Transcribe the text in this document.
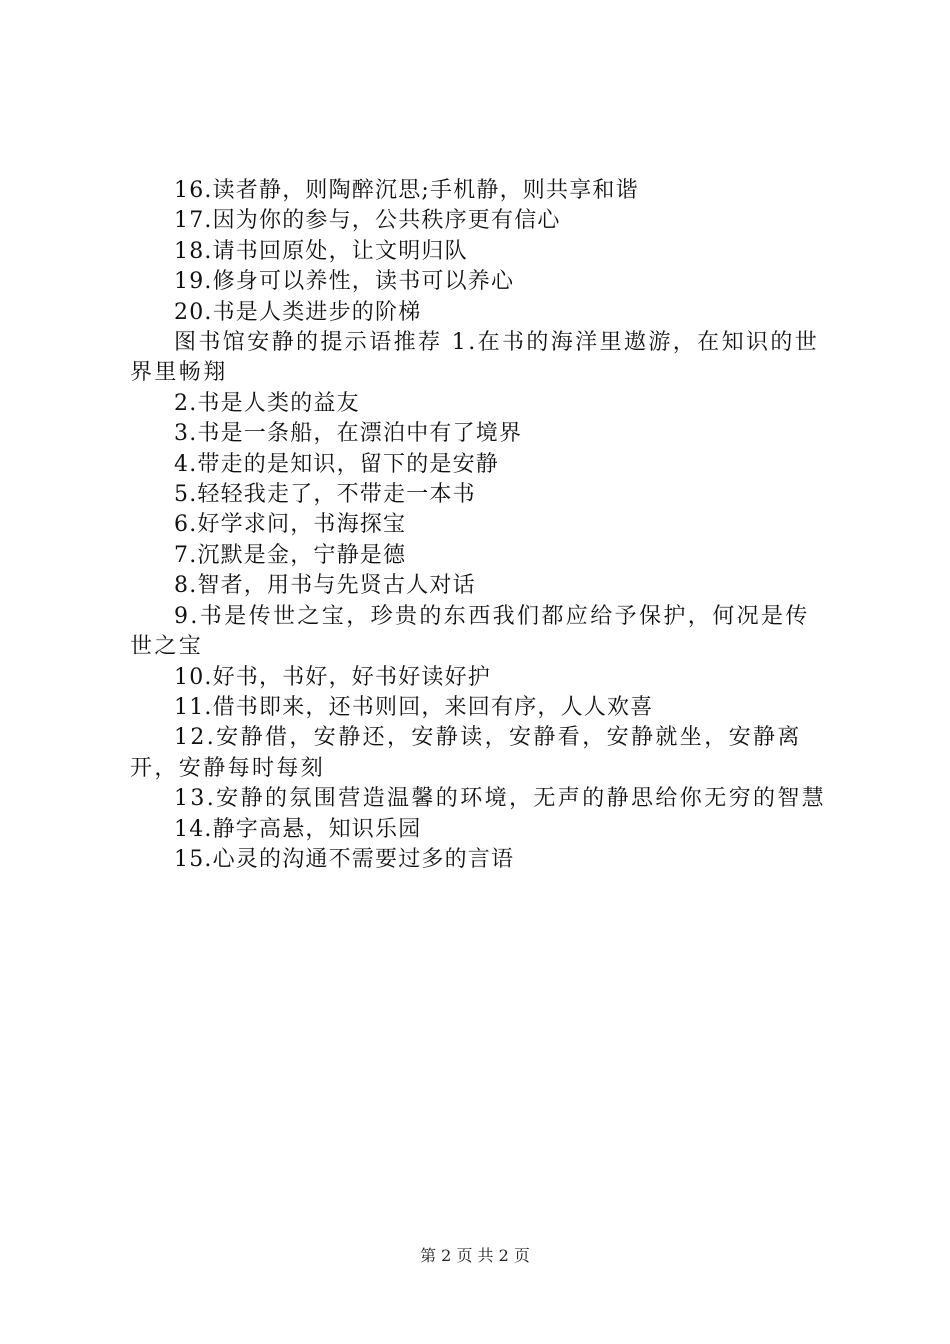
16.读者静，则陶醉沉思;手机静，则共享和谐

17.因为你的参与，公共秩序更有信心

18.请书回原处，让文明归队

19.修身可以养性，读书可以养心

20.书是人类进步的阶梯

图书馆安静的提示语推荐 1.在书的海洋里遨游，在知识的世界里畅翔

2.书是人类的益友

3.书是一条船，在漂泊中有了境界

4.带走的是知识，留下的是安静

5.轻轻我走了，不带走一本书

6.好学求问，书海探宝

7.沉默是金，宁静是德

8.智者，用书与先贤古人对话

9.书是传世之宝，珍贵的东西我们都应给予保护，何况是传世之宝

10.好书，书好，好书好读好护

11.借书即来，还书则回，来回有序，人人欢喜

12.安静借，安静还，安静读，安静看，安静就坐，安静离开，安静每时每刻

13.安静的氛围营造温馨的环境，无声的静思给你无穷的智慧

14.静字高悬，知识乐园

15.心灵的沟通不需要过多的言语

第 2 页 共 2 页
